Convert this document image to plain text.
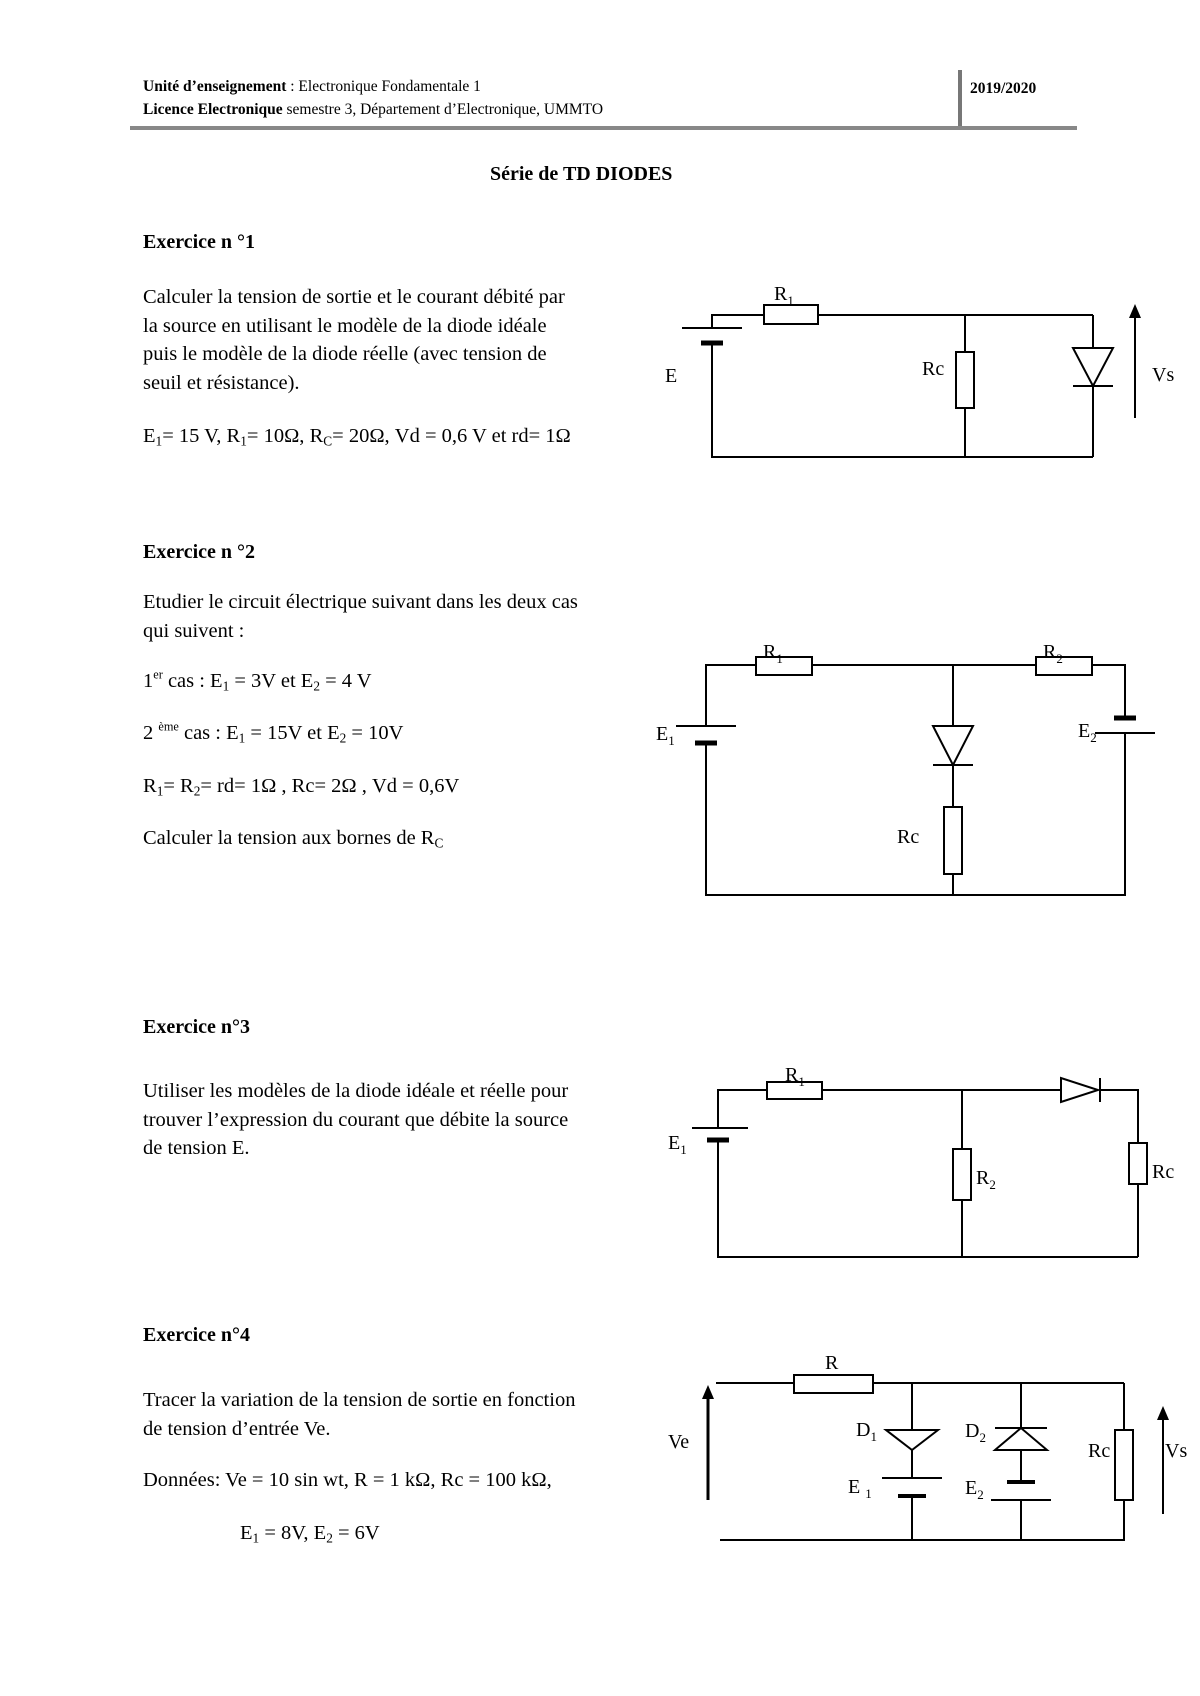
Unité d’enseignement : Electronique Fondamentale 1
Licence Electronique semestre 3, Département d’Electronique, UMMTO
2019/2020
Série de TD DIODES
Exercice n °1
Calculer la tension de sortie et le courant débité par
la source en utilisant le modèle de la diode idéale
puis le modèle de la diode réelle (avec tension de
seuil et résistance).
$E_1= 15$ V, $R_1= 10\Omega$, $R_C= 20\Omega$, Vd = 0,6 V et rd= 1Ω
$R_1$
E	Rc	Vs
Exercice n °2
Etudier le circuit électrique suivant dans les deux cas
qui suivent :
1er cas : $E_1 = 3V$ et $E_2 = 4$ V
2 $^{ème}$ cas : $E_1 = 15V$ et $E_2 = 10V$
$R_1= R_2= rd= 1\Omega$ , Rc= 2Ω , Vd = 0,6V
Calculer la tension aux bornes de $R_C$
$R_1$	$R_2$
$E_1$	$E_2$
Rc
Exercice n°3
Utiliser les modèles de la diode idéale et réelle pour
trouver l’expression du courant que débite la source
de tension E.
$R_1$
$E_1$
$R_2$
Rc
Exercice n°4
Tracer la variation de la tension de sortie en fonction
de tension d’entrée Ve.
Données: Ve = 10 sin wt, R = 1 kΩ, Rc = 100 kΩ,
$E_1 = 8V$, $E_2 = 6V$
R
Ve
$D_1$	$D_2$
E $_1$	$E_2$
Rc	Vs
